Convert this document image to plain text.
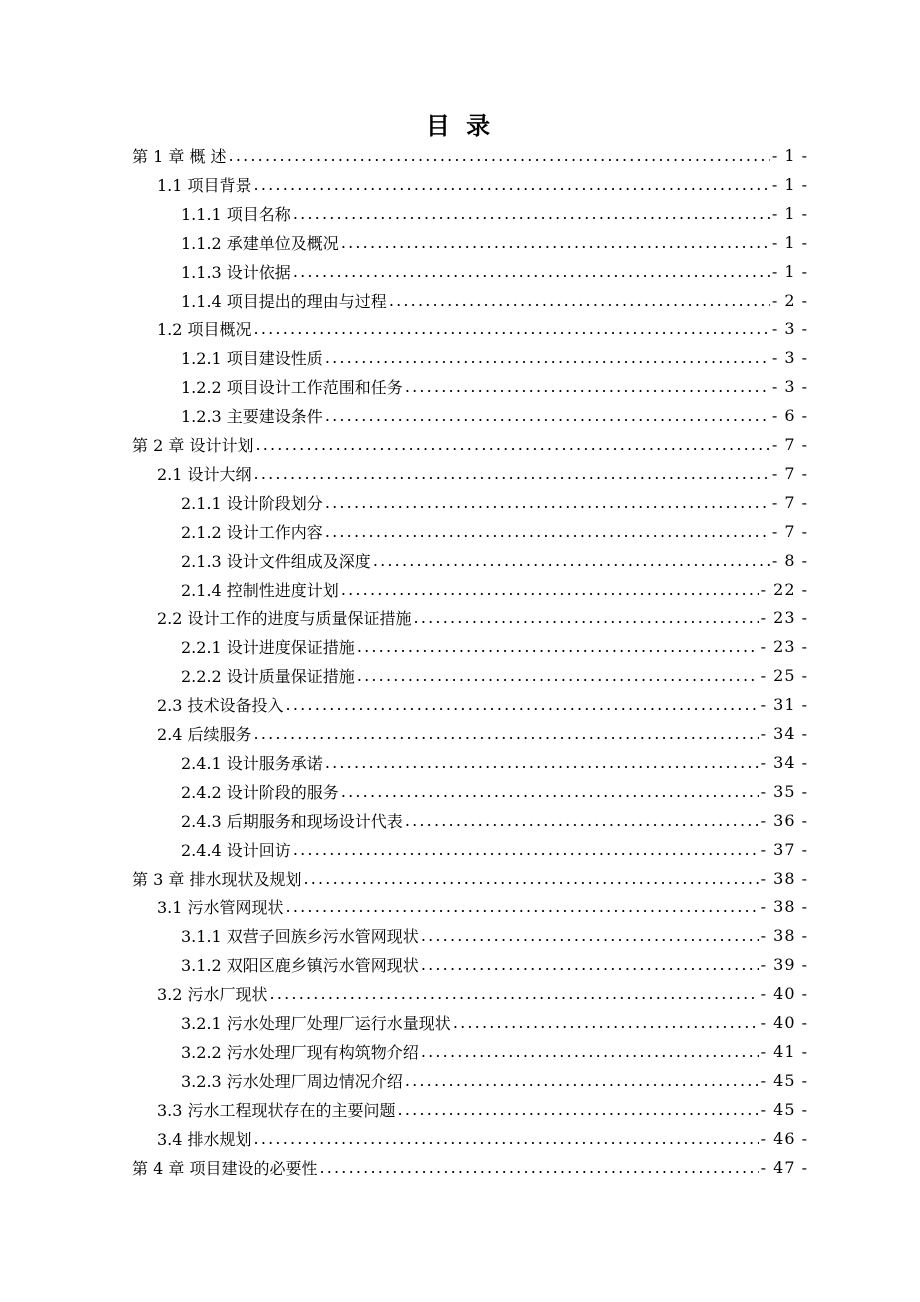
目 录
第 1 章 概 述 .....	- 1 -
1.1 项目背景 .....	- 1 -
1.1.1 项目名称 .....	- 1 -
1.1.2 承建单位及概况 .....	- 1 -
1.1.3 设计依据 .....	- 1 -
1.1.4 项目提出的理由与过程 .....	- 2 -
1.2 项目概况 .....	- 3 -
1.2.1 项目建设性质 .....	- 3 -
1.2.2 项目设计工作范围和任务 .....	- 3 -
1.2.3 主要建设条件 .....	- 6 -
第 2 章 设计计划 .....	- 7 -
2.1 设计大纲 .....	- 7 -
2.1.1 设计阶段划分 .....	- 7 -
2.1.2 设计工作内容 .....	- 7 -
2.1.3 设计文件组成及深度 .....	- 8 -
2.1.4 控制性进度计划 .....	- 22 -
2.2 设计工作的进度与质量保证措施 .....	- 23 -
2.2.1 设计进度保证措施 .....	- 23 -
2.2.2 设计质量保证措施 .....	- 25 -
2.3 技术设备投入 .....	- 31 -
2.4 后续服务 .....	- 34 -
2.4.1 设计服务承诺 .....	- 34 -
2.4.2 设计阶段的服务 .....	- 35 -
2.4.3 后期服务和现场设计代表 .....	- 36 -
2.4.4 设计回访 .....	- 37 -
第 3 章 排水现状及规划 .....	- 38 -
3.1 污水管网现状 .....	- 38 -
3.1.1 双营子回族乡污水管网现状 .....	- 38 -
3.1.2 双阳区鹿乡镇污水管网现状 .....	- 39 -
3.2 污水厂现状 .....	- 40 -
3.2.1 污水处理厂处理厂运行水量现状 .....	- 40 -
3.2.2 污水处理厂现有构筑物介绍 .....	- 41 -
3.2.3 污水处理厂周边情况介绍 .....	- 45 -
3.3 污水工程现状存在的主要问题 .....	- 45 -
3.4 排水规划 .....	- 46 -
第 4 章 项目建设的必要性 .....	- 47 -
